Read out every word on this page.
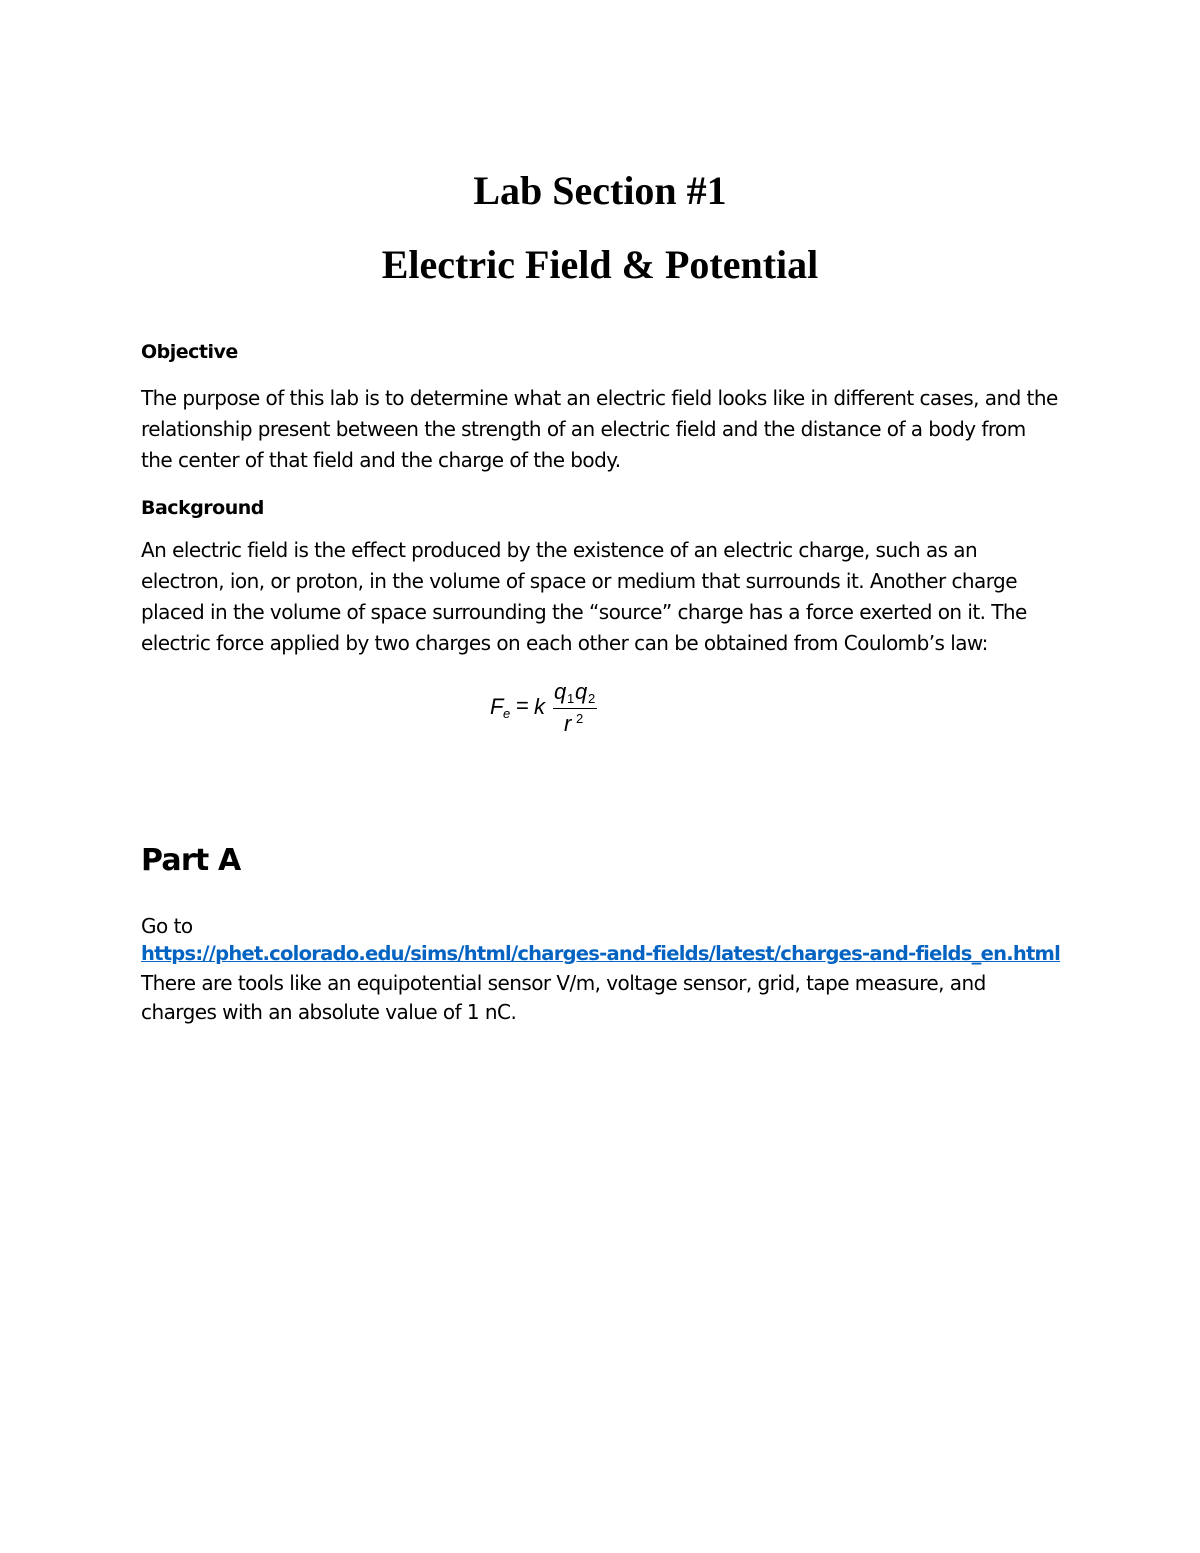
Lab Section #1
Electric Field & Potential
Objective

The purpose of this lab is to determine what an electric field looks like in different cases, and the relationship present between the strength of an electric field and the distance of a body from the center of that field and the charge of the body.

Background

An electric field is the effect produced by the existence of an electric charge, such as an electron, ion, or proton, in the volume of space or medium that surrounds it. Another charge placed in the volume of space surrounding the “source” charge has a force exerted on it. The electric force applied by two charges on each other can be obtained from Coulomb’s law:

F e = k
q 1 q 2
r 2
Part A

Go to

https://phet.colorado.edu/sims/html/charges-and-fields/latest/charges-and-fields_en.html

There are tools like an equipotential sensor V/m, voltage sensor, grid, tape measure, and charges with an absolute value of 1 nC.
